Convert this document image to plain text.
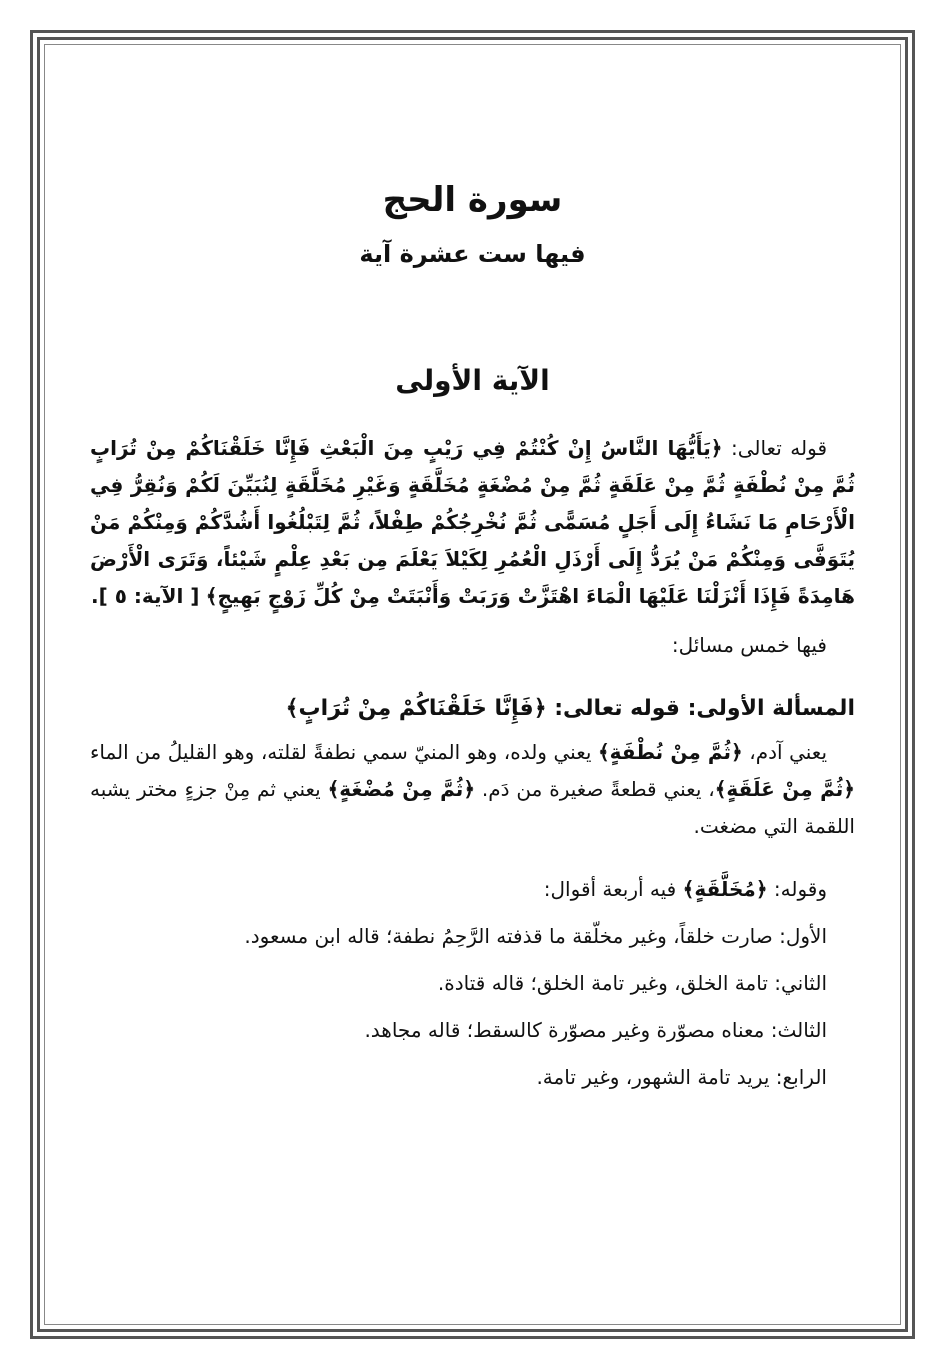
سورة الحج
فيها ست عشرة آية
الآية الأولى

قوله تعالى: ﴿يَأَيُّهَا النَّاسُ إِنْ كُنْتُمْ فِي رَيْبٍ مِنَ الْبَعْثِ فَإِنَّا خَلَقْنَاكُمْ مِنْ تُرَابٍ ثُمَّ مِنْ نُطْفَةٍ ثُمَّ مِنْ عَلَقَةٍ ثُمَّ مِنْ مُضْغَةٍ مُخَلَّقَةٍ وَغَيْرِ مُخَلَّقَةٍ لِنُبَيِّنَ لَكُمْ وَنُقِرُّ فِي الْأَرْحَامِ مَا نَشَاءُ إِلَى أَجَلٍ مُسَمًّى ثُمَّ نُخْرِجُكُمْ طِفْلاً، ثُمَّ لِتَبْلُغُوا أَشُدَّكُمْ وَمِنْكُمْ مَنْ يُتَوَفَّى وَمِنْكُمْ مَنْ يُرَدُّ إِلَى أَرْذَلِ الْعُمُرِ لِكَيْلاَ يَعْلَمَ مِن بَعْدِ عِلْمٍ شَيْئاً، وَتَرَى الْأَرْضَ هَامِدَةً فَإِذَا أَنْزَلْنَا عَلَيْهَا الْمَاءَ اهْتَزَّتْ وَرَبَتْ وَأَنْبَتَتْ مِنْ كُلِّ زَوْجٍ بَهِيجٍ﴾ [ الآية: ٥ ].

فيها خمس مسائل:

المسألة الأولى: قوله تعالى: ﴿فَإِنَّا خَلَقْنَاكُمْ مِنْ تُرَابٍ﴾

يعني آدم، ﴿ثُمَّ مِنْ نُطْفَةٍ﴾ يعني ولده، وهو المنيّ سمي نطفةً لقلته، وهو القليلُ من الماء ﴿ثُمَّ مِنْ عَلَقَةٍ﴾، يعني قطعةً صغيرة من دَم. ﴿ثُمَّ مِنْ مُضْغَةٍ﴾ يعني ثم مِنْ جزءٍ مختر يشبه اللقمة التي مضغت.

وقوله: ﴿مُخَلَّقَةٍ﴾ فيه أربعة أقوال:

الأول: صارت خلقاً، وغير مخلّقة ما قذفته الرَّحِمُ نطفة؛ قاله ابن مسعود.

الثاني: تامة الخلق، وغير تامة الخلق؛ قاله قتادة.

الثالث: معناه مصوّرة وغير مصوّرة كالسقط؛ قاله مجاهد.

الرابع: يريد تامة الشهور، وغير تامة.
